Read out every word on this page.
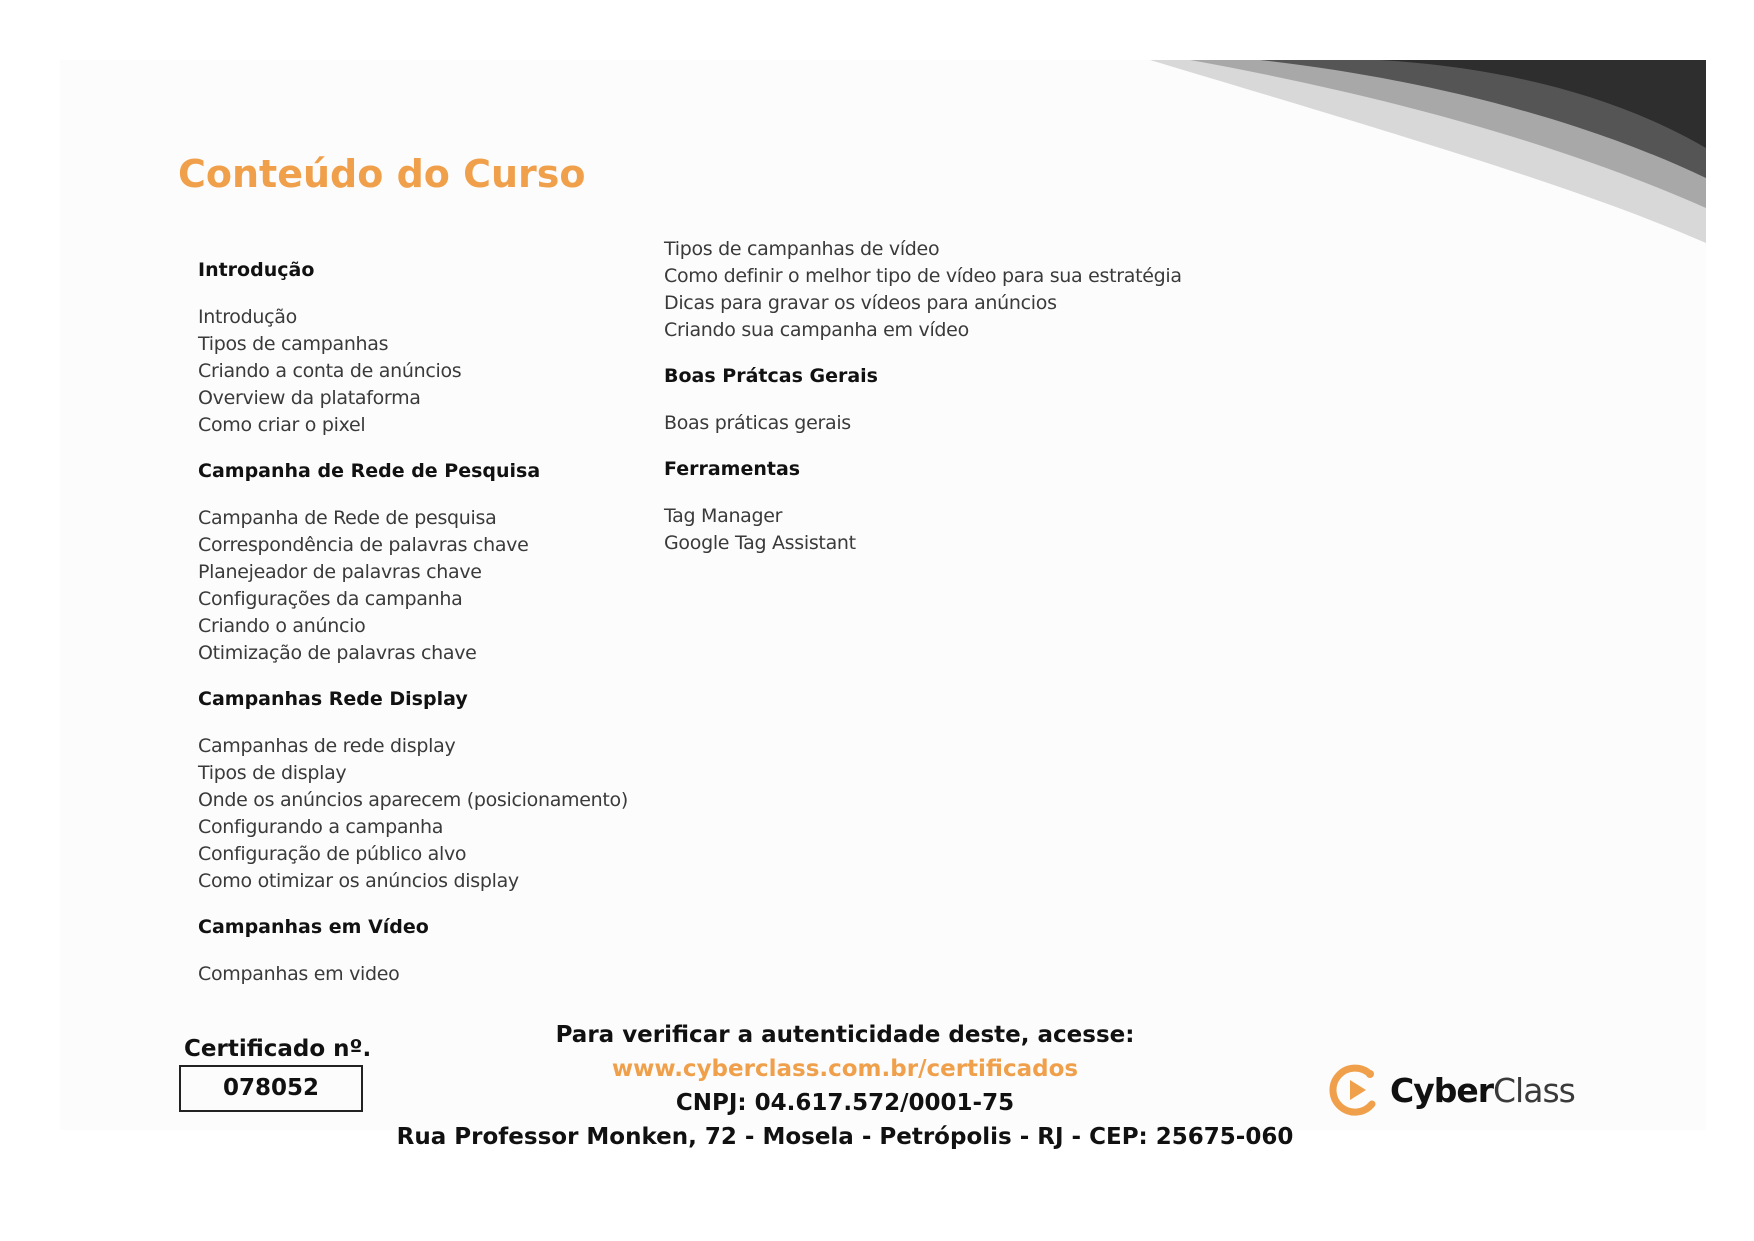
Conteúdo do Curso
Introdução
Introdução
Tipos de campanhas
Criando a conta de anúncios
Overview da plataforma
Como criar o pixel
Campanha de Rede de Pesquisa
Campanha de Rede de pesquisa
Correspondência de palavras chave
Planejeador de palavras chave
Configurações da campanha
Criando o anúncio
Otimização de palavras chave
Campanhas Rede Display
Campanhas de rede display
Tipos de display
Onde os anúncios aparecem (posicionamento)
Configurando a campanha
Configuração de público alvo
Como otimizar os anúncios display
Campanhas em Vídeo
Companhas em video
Tipos de campanhas de vídeo
Como definir o melhor tipo de vídeo para sua estratégia
Dicas para gravar os vídeos para anúncios
Criando sua campanha em vídeo
Boas Prátcas Gerais
Boas práticas gerais
Ferramentas
Tag Manager
Google Tag Assistant
Certificado nº.
078052
Para verificar a autenticidade deste, acesse:
www.cyberclass.com.br/certificados
CNPJ: 04.617.572/0001-75
Rua Professor Monken, 72 - Mosela - Petrópolis - RJ - CEP: 25675-060
CyberClass
